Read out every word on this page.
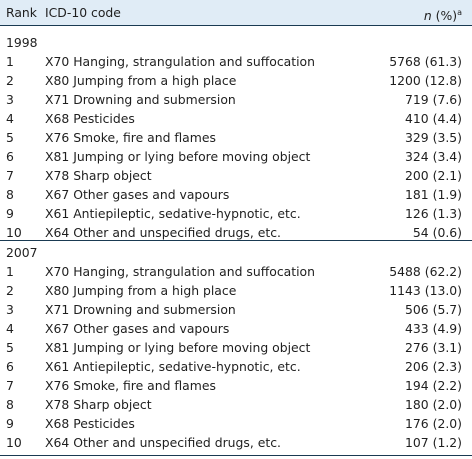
Rank ICD-10 code	n (%)$^a$
1998
1	X70 Hanging, strangulation and suffocation	5768 (61.3)
2	X80 Jumping from a high place	1200 (12.8)
3	X71 Drowning and submersion	719 (7.6)
4	X68 Pesticides	410 (4.4)
5	X76 Smoke, fire and flames	329 (3.5)
6	X81 Jumping or lying before moving object	324 (3.4)
7	X78 Sharp object	200 (2.1)
8	X67 Other gases and vapours	181 (1.9)
9	X61 Antiepileptic, sedative-hypnotic, etc.	126 (1.3)
10 X64 Other and unspecified drugs, etc.	54 (0.6)
2007
1	X70 Hanging, strangulation and suffocation	5488 (62.2)
2	X80 Jumping from a high place	1143 (13.0)
3	X71 Drowning and submersion	506 (5.7)
4	X67 Other gases and vapours	433 (4.9)
5	X81 Jumping or lying before moving object	276 (3.1)
6	X61 Antiepileptic, sedative-hypnotic, etc.	206 (2.3)
7	X76 Smoke, fire and flames	194 (2.2)
8	X78 Sharp object	180 (2.0)
9	X68 Pesticides	176 (2.0)
10 X64 Other and unspecified drugs, etc.	107 (1.2)
